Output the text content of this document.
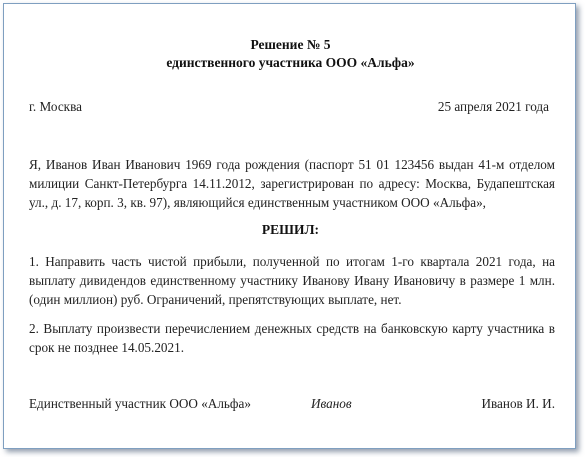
Решение № 5
единственного участника ООО «Альфа»
г. Москва	25 апреля 2021 года

Я, Иванов Иван Иванович 1969 года рождения (паспорт 51 01 123456 выдан 41-м отделом милиции Санкт-Петербурга 14.11.2012, зарегистрирован по адресу: Москва, Будапештская ул., д. 17, корп. 3, кв. 97), являющийся единственным участником ООО «Альфа»,

РЕШИЛ:

1. Направить часть чистой прибыли, полученной по итогам 1-го квартала 2021 года, на выплату дивидендов единственному участнику Иванову Ивану Ивановичу в размере 1 млн. (один миллион) руб. Ограничений, препятствующих выплате, нет.

2. Выплату произвести перечислением денежных средств на банковскую карту участника в срок не позднее 14.05.2021.

Единственный участник ООО «Альфа»	Иванов	Иванов И. И.
